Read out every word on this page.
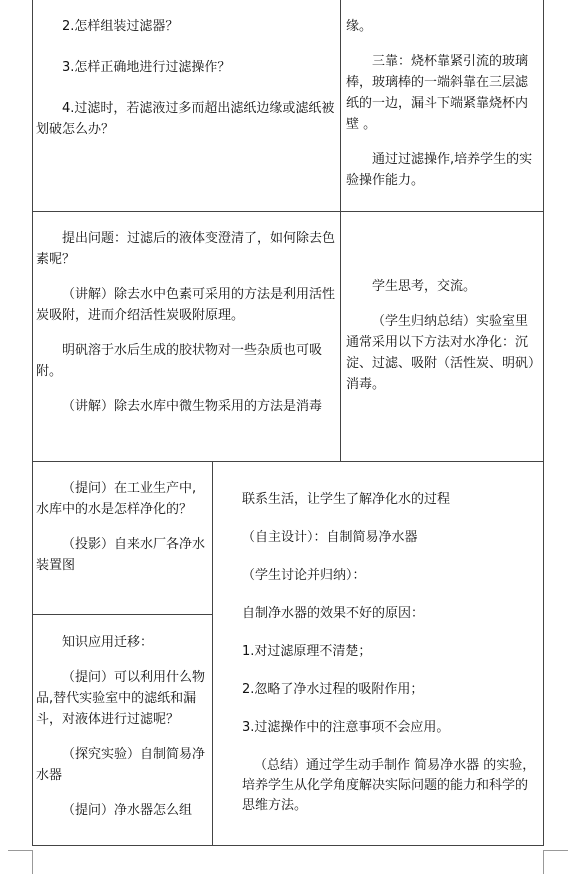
2.怎样组装过滤器？

3.怎样正确地进行过滤操作？

4.过滤时，若滤液过多而超出滤纸边缘或滤纸被划破怎么办？

缘。

三靠：烧杯靠紧引流的玻璃棒，玻璃棒的一端斜靠在三层滤纸的一边，漏斗下端紧靠烧杯内壁 。

通过过滤操作,培养学生的实验操作能力。

提出问题：过滤后的液体变澄清了，如何除去色素呢？

（讲解）除去水中色素可采用的方法是利用活性炭吸附，进而介绍活性炭吸附原理。

明矾溶于水后生成的胶状物对一些杂质也可吸附。

（讲解）除去水库中微生物采用的方法是消毒

学生思考，交流。

（学生归纳总结）实验室里通常采用以下方法对水净化：沉淀、过滤、吸附（活性炭、明矾）消毒。

（提问）在工业生产中,水库中的水是怎样净化的？

（投影）自来水厂各净水装置图

知识应用迁移：

（提问）可以利用什么物品,替代实验室中的滤纸和漏斗，对液体进行过滤呢？

（探究实验）自制简易净水器

（提问）净水器怎么组

联系生活，让学生了解净化水的过程

（自主设计）：自制简易净水器

（学生讨论并归纳）：

自制净水器的效果不好的原因：

1.对过滤原理不清楚；

2.忽略了净水过程的吸附作用；

3.过滤操作中的注意事项不会应用。

（总结）通过学生动手制作 简易净水器 的实验，培养学生从化学角度解决实际问题的能力和科学的思维方法。
